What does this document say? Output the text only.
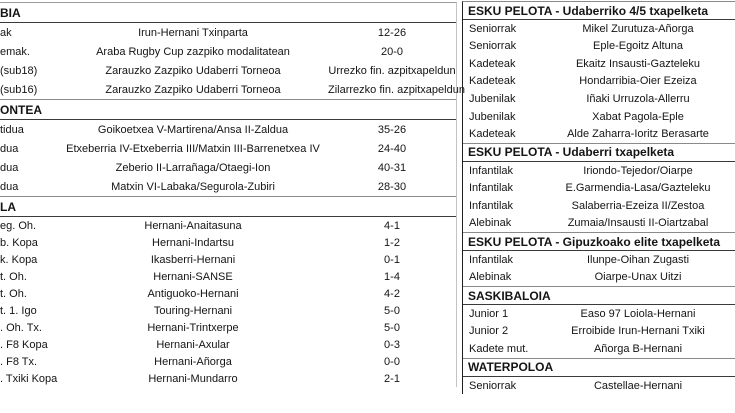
BIA
ak	Irun-Hernani Txinparta	12-26
emak.	Araba Rugby Cup zazpiko modalitatean	20-0
(sub18)	Zarauzko Zazpiko Udaberri Torneoa	Urrezko fin. azpitxapeldun
(sub16)	Zarauzko Zazpiko Udaberri Torneoa	Zilarrezko fin. azpitxapeldun
ONTEA
tidua	Goikoetxea V-Martirena/Ansa II-Zaldua	35-26
dua	Etxeberria IV-Etxeberria III/Matxin III-Barrenetxea IV	24-40
dua	Zeberio II-Larrañaga/Otaegi-Ion	40-31
dua	Matxin VI-Labaka/Segurola-Zubiri	28-30
LA
eg. Oh.	Hernani-Anaitasuna	4-1
b. Kopa	Hernani-Indartsu	1-2
k. Kopa	Ikasberri-Hernani	0-1
t. Oh.	Hernani-SANSE	1-4
t. Oh.	Antiguoko-Hernani	4-2
t. 1. Igo	Touring-Hernani	5-0
. Oh. Tx.	Hernani-Trintxerpe	5-0
. F8 Kopa	Hernani-Axular	0-3
. F8 Tx.	Hernani-Añorga	0-0
. Txiki Kopa	Hernani-Mundarro	2-1
ESKU PELOTA - Udaberriko 4/5 txapelketa
Seniorrak	Mikel Zurutuza-Añorga
Seniorrak	Eple-Egoitz Altuna
Kadeteak	Ekaitz Insausti-Gazteleku
Kadeteak	Hondarribia-Oier Ezeiza
Jubenilak	Iñaki Urruzola-Allerru
Jubenilak	Xabat Pagola-Eple
Kadeteak	Alde Zaharra-Ioritz Berasarte
ESKU PELOTA - Udaberri txapelketa
Infantilak	Iriondo-Tejedor/Oiarpe
Infantilak	E.Garmendia-Lasa/Gazteleku
Infantilak	Salaberria-Ezeiza II/Zestoa
Alebinak	Zumaia/Insausti II-Oiartzabal
ESKU PELOTA - Gipuzkoako elite txapelketa
Infantilak	Ilunpe-Oihan Zugasti
Alebinak	Oiarpe-Unax Uitzi
SASKIBALOIA
Junior 1	Easo 97 Loiola-Hernani
Junior 2	Erroibide Irun-Hernani Txiki
Kadete mut.	Añorga B-Hernani
WATERPOLOA
Seniorrak	Castellae-Hernani
